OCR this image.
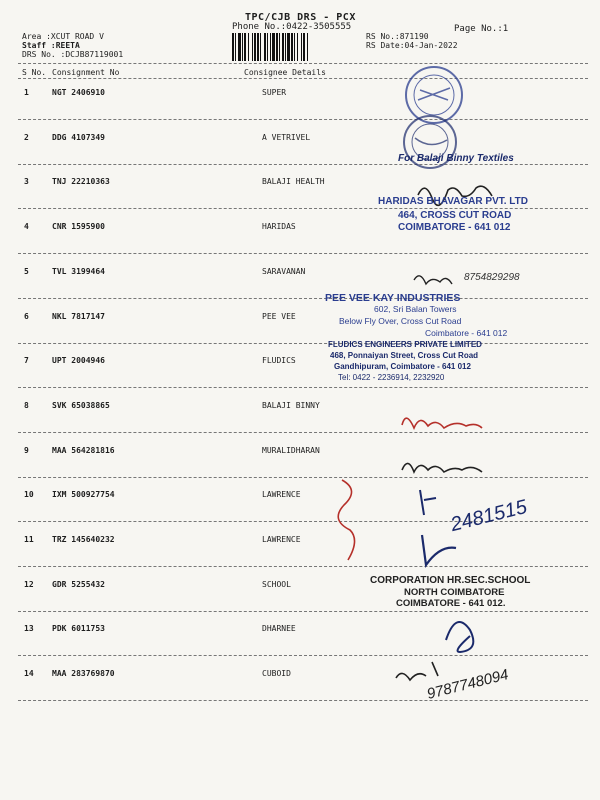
TPC/CJB DRS - PCX
Phone No.:0422-3505555	Page No.:1
Area :XCUT ROAD V
Staff :REETA
DRS No. :DCJB87119001
RS No.:871190
RS Date:04-Jan-2022
S No. Consignment No	Consignee Details
1	NGT 2406910	SUPER
2	DDG 4107349	A VETRIVEL
3	TNJ 22210363	BALAJI HEALTH
4	CNR 1595900	HARIDAS
5	TVL 3199464	SARAVANAN
6	NKL 7817147	PEE VEE
7	UPT 2004946	FLUDICS
8	SVK 65038865	BALAJI BINNY
9	MAA 564281816	MURALIDHARAN
10 IXM 500927754	LAWRENCE
11 TRZ 145640232	LAWRENCE
12 GDR 5255432	SCHOOL
13 PDK 6011753	DHARNEE
14 MAA 283769870	CUBOID
For Balaji Binny Textiles
HARIDAS BHAVAGAR PVT. LTD
464, CROSS CUT ROAD
COIMBATORE - 641 012
PEE VEE KAY INDUSTRIES
602, Sri Balan Towers
Below Fly Over, Cross Cut Road
Coimbatore - 641 012
FLUDICS ENGINEERS PRIVATE LIMITED
468, Ponnaiyan Street, Cross Cut Road
Gandhipuram, Coimbatore - 641 012
Tel: 0422 - 2236914, 2232920
CORPORATION HR.SEC.SCHOOL
NORTH COIMBATORE
COIMBATORE - 641 012.
8754829298
2481515
9787748094
